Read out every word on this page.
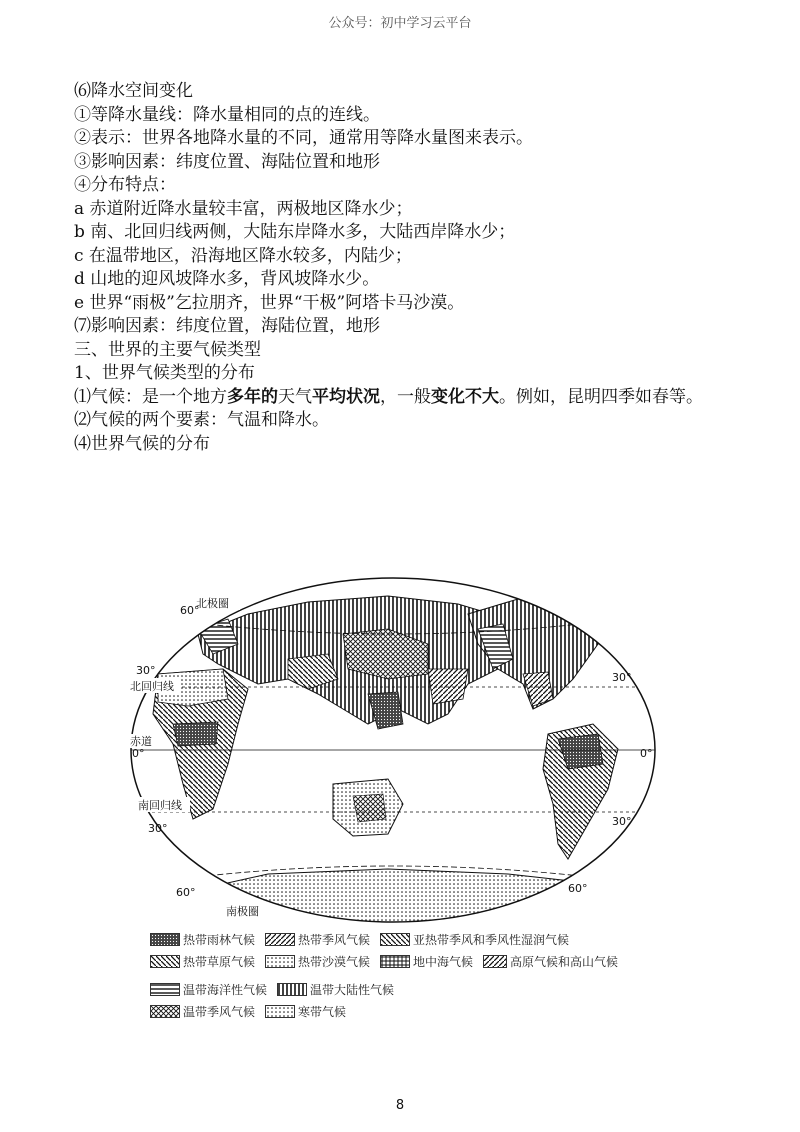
公众号：初中学习云平台
⑹降水空间变化
①等降水量线：降水量相同的点的连线。
②表示：世界各地降水量的不同，通常用等降水量图来表示。
③影响因素：纬度位置、海陆位置和地形
④分布特点：
a 赤道附近降水量较丰富，两极地区降水少；
b 南、北回归线两侧，大陆东岸降水多，大陆西岸降水少；
c 在温带地区，沿海地区降水较多，内陆少；
d 山地的迎风坡降水多，背风坡降水少。
e 世界“雨极”乞拉朋齐，世界“干极”阿塔卡马沙漠。
⑺影响因素：纬度位置，海陆位置，地形
三、世界的主要气候类型
1、世界气候类型的分布
⑴气候：是一个地方多年的天气平均状况，一般变化不大。例如，昆明四季如春等。
⑵气候的两个要素：气温和降水。
⑷世界气候的分布
北极圈
60°
30°
北回归线
30°
赤道
0°	0°
南回归线
30°
30°
60°	60°
南极圈
热带雨林气候	热带季风气候	亚热带季风和季风性湿润气候
热带草原气候	热带沙漠气候	地中海气候	高原气候和高山气候
温带海洋性气候	温带大陆性气候
温带季风气候	寒带气候
8
